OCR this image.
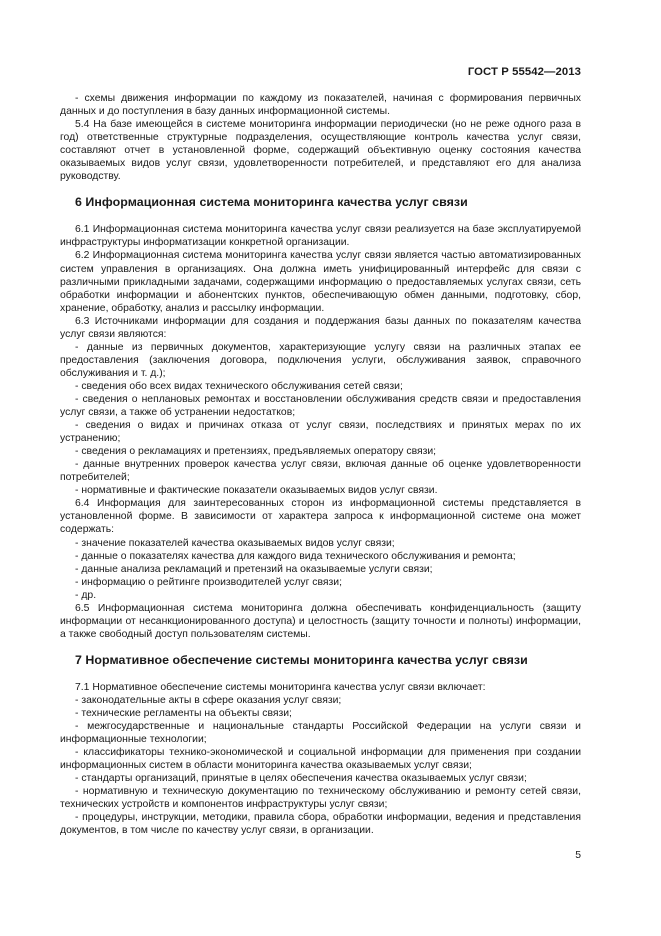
ГОСТ Р 55542—2013

- схемы движения информации по каждому из показателей, начиная с формирования первичных данных и до поступления в базу данных информационной системы.

5.4 На базе имеющейся в системе мониторинга информации периодически (но не реже одного раза в год) ответственные структурные подразделения, осуществляющие контроль качества услуг связи, составляют отчет в установленной форме, содержащий объективную оценку состояния качества оказываемых видов услуг связи, удовлетворенности потребителей, и представляют его для анализа руководству.

6 Информационная система мониторинга качества услуг связи

6.1 Информационная система мониторинга качества услуг связи реализуется на базе эксплуатируемой инфраструктуры информатизации конкретной организации.

6.2 Информационная система мониторинга качества услуг связи является частью автоматизированных систем управления в организациях. Она должна иметь унифицированный интерфейс для связи с различными прикладными задачами, содержащими информацию о предоставляемых услугах связи, сеть обработки информации и абонентских пунктов, обеспечивающую обмен данными, подготовку, сбор, хранение, обработку, анализ и рассылку информации.

6.3 Источниками информации для создания и поддержания базы данных по показателям качества услуг связи являются:

- данные из первичных документов, характеризующие услугу связи на различных этапах ее предоставления (заключения договора, подключения услуги, обслуживания заявок, справочного обслуживания и т. д.);

- сведения обо всех видах технического обслуживания сетей связи;

- сведения о неплановых ремонтах и восстановлении обслуживания средств связи и предоставления услуг связи, а также об устранении недостатков;

- сведения о видах и причинах отказа от услуг связи, последствиях и принятых мерах по их устранению;

- сведения о рекламациях и претензиях, предъявляемых оператору связи;

- данные внутренних проверок качества услуг связи, включая данные об оценке удовлетворенности потребителей;

- нормативные и фактические показатели оказываемых видов услуг связи.

6.4 Информация для заинтересованных сторон из информационной системы представляется в установленной форме. В зависимости от характера запроса к информационной системе она может содержать:

- значение показателей качества оказываемых видов услуг связи;

- данные о показателях качества для каждого вида технического обслуживания и ремонта;

- данные анализа рекламаций и претензий на оказываемые услуги связи;

- информацию о рейтинге производителей услуг связи;

- др.

6.5 Информационная система мониторинга должна обеспечивать конфиденциальность (защиту информации от несанкционированного доступа) и целостность (защиту точности и полноты) информации, а также свободный доступ пользователям системы.

7 Нормативное обеспечение системы мониторинга качества услуг связи

7.1 Нормативное обеспечение системы мониторинга качества услуг связи включает:

- законодательные акты в сфере оказания услуг связи;

- технические регламенты на объекты связи;

- межгосударственные и национальные стандарты Российской Федерации на услуги связи и информационные технологии;

- классификаторы технико-экономической и социальной информации для применения при создании информационных систем в области мониторинга качества оказываемых услуг связи;

- стандарты организаций, принятые в целях обеспечения качества оказываемых услуг связи;

- нормативную и техническую документацию по техническому обслуживанию и ремонту сетей связи, технических устройств и компонентов инфраструктуры услуг связи;

- процедуры, инструкции, методики, правила сбора, обработки информации, ведения и представления документов, в том числе по качеству услуг связи, в организации.

5
